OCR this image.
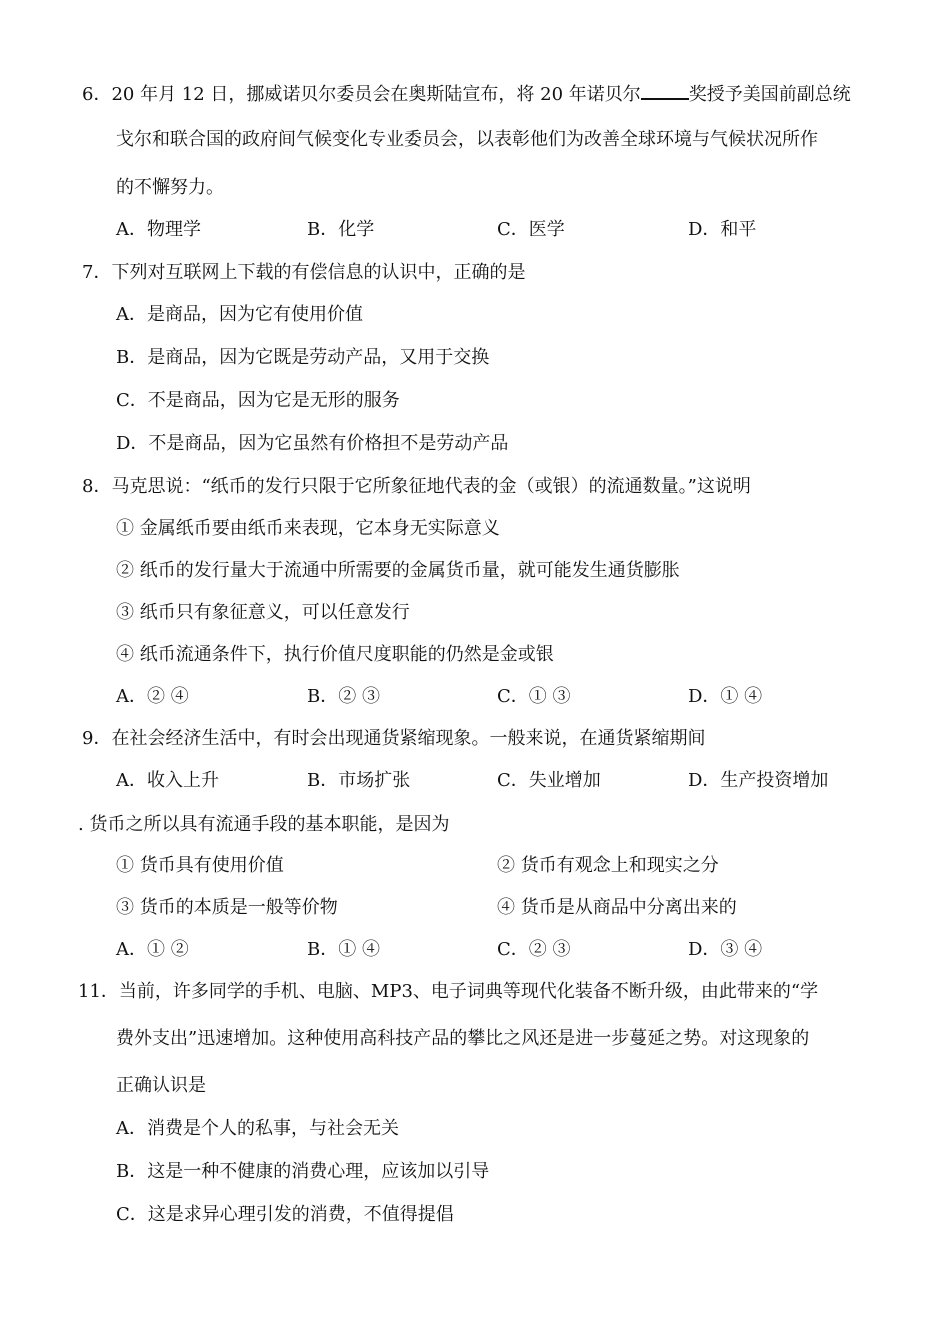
6．20 年月 12 日，挪威诺贝尔委员会在奥斯陆宣布，将 20 年诺贝尔	奖授予美国前副总统
戈尔和联合国的政府间气候变化专业委员会，以表彰他们为改善全球环境与气候状况所作
的不懈努力。
A．物理学	B．化学	C．医学	D．和平
7．下列对互联网上下载的有偿信息的认识中，正确的是
A．是商品，因为它有使用价值
B．是商品，因为它既是劳动产品，又用于交换
C．不是商品，因为它是无形的服务
D．不是商品，因为它虽然有价格担不是劳动产品
8．马克思说：“纸币的发行只限于它所象征地代表的金（或银）的流通数量。”这说明
① 金属纸币要由纸币来表现，它本身无实际意义
② 纸币的发行量大于流通中所需要的金属货币量，就可能发生通货膨胀
③ 纸币只有象征意义，可以任意发行
④ 纸币流通条件下，执行价值尺度职能的仍然是金或银
A．② ④	B．② ③	C．① ③	D．① ④
9．在社会经济生活中，有时会出现通货紧缩现象。一般来说，在通货紧缩期间
A．收入上升	B．市场扩张	C．失业增加	D．生产投资增加
. 货币之所以具有流通手段的基本职能，是因为
① 货币具有使用价值	② 货币有观念上和现实之分
③ 货币的本质是一般等价物	④ 货币是从商品中分离出来的
A．① ②	B．① ④	C．② ③	D．③ ④
11．当前，许多同学的手机、电脑、MP3、电子词典等现代化装备不断升级，由此带来的“学
费外支出”迅速增加。这种使用高科技产品的攀比之风还是进一步蔓延之势。对这现象的
正确认识是
A．消费是个人的私事，与社会无关
B．这是一种不健康的消费心理，应该加以引导
C．这是求异心理引发的消费，不值得提倡
